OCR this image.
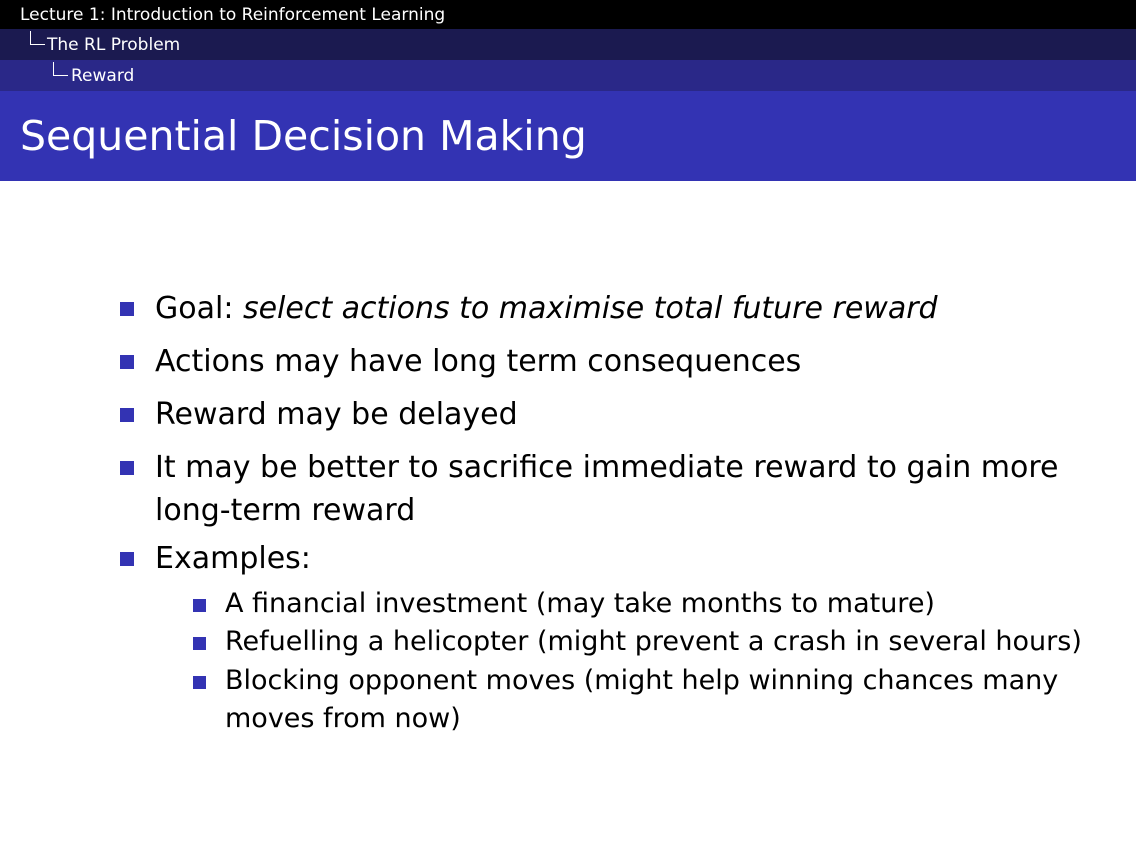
Lecture 1: Introduction to Reinforcement Learning
The RL Problem
Reward
Sequential Decision Making
Goal: select actions to maximise total future reward
Actions may have long term consequences
Reward may be delayed
It may be better to sacrifice immediate reward to gain more
long-term reward
Examples:
A financial investment (may take months to mature)
Refuelling a helicopter (might prevent a crash in several hours)
Blocking opponent moves (might help winning chances many
moves from now)
